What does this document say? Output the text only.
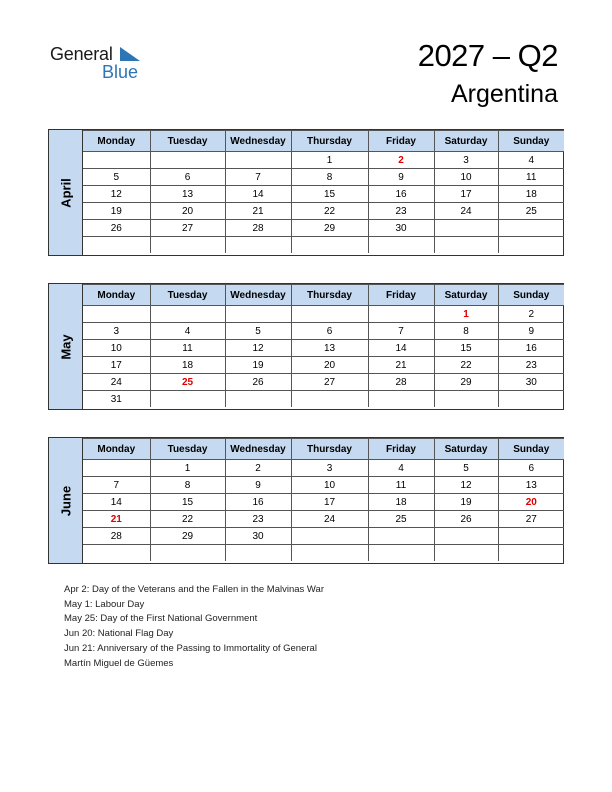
General
Blue	2027 – Q2
Argentina
April
Monday	Tuesday	Wednesday	Thursday	Friday	Saturday	Sunday
			1	2	3	4
5	6	7	8	9	10	11
12	13	14	15	16	17	18
19	20	21	22	23	24	25
26	27	28	29	30		

May
Monday	Tuesday	Wednesday	Thursday	Friday	Saturday	Sunday
					1	2
3	4	5	6	7	8	9
10	11	12	13	14	15	16
17	18	19	20	21	22	23
24	25	26	27	28	29	30
31						
June
Monday	Tuesday	Wednesday	Thursday	Friday	Saturday	Sunday
	1	2	3	4	5	6
7	8	9	10	11	12	13
14	15	16	17	18	19	20
21	22	23	24	25	26	27
28	29	30				

Apr 2: Day of the Veterans and the Fallen in the Malvinas War
May 1: Labour Day
May 25: Day of the First National Government
Jun 20: National Flag Day
Jun 21: Anniversary of the Passing to Immortality of General
Martín Miguel de Güemes
